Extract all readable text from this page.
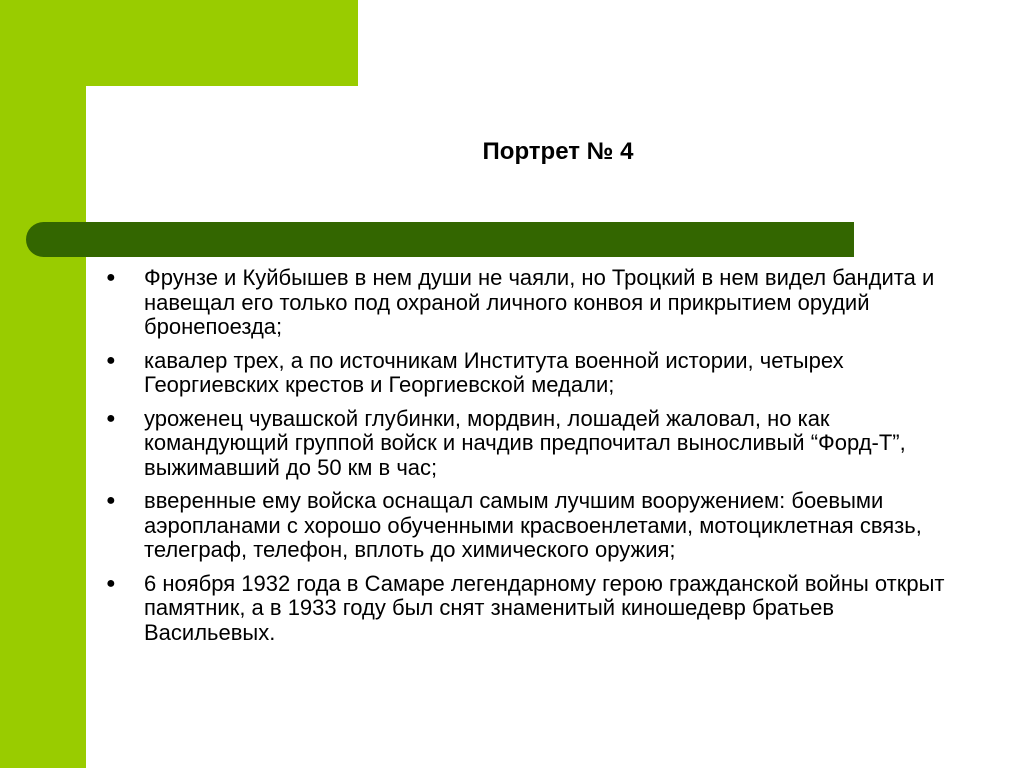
Портрет № 4
●	Фрунзе и Куйбышев в нем души не чаяли, но Троцкий в нем видел бандита и навещал его только под охраной личного конвоя и прикрытием орудий бронепоезда;
●	кавалер трех, а по источникам Института военной истории, четырех Георгиевских крестов и Георгиевской медали;
●	уроженец чувашской глубинки, мордвин, лошадей жаловал, но как командующий группой войск и начдив предпочитал выносливый “Форд-Т”, выжимавший до 50 км в час;
●	вверенные ему войска оснащал самым лучшим вооружением: боевыми аэропланами с хорошо обученными красвоенлетами, мотоциклетная связь, телеграф, телефон, вплоть до химического оружия;
●	6 ноября 1932 года в Самаре легендарному герою гражданской войны открыт памятник, а в 1933 году был снят знаменитый киношедевр братьев Васильевых.
